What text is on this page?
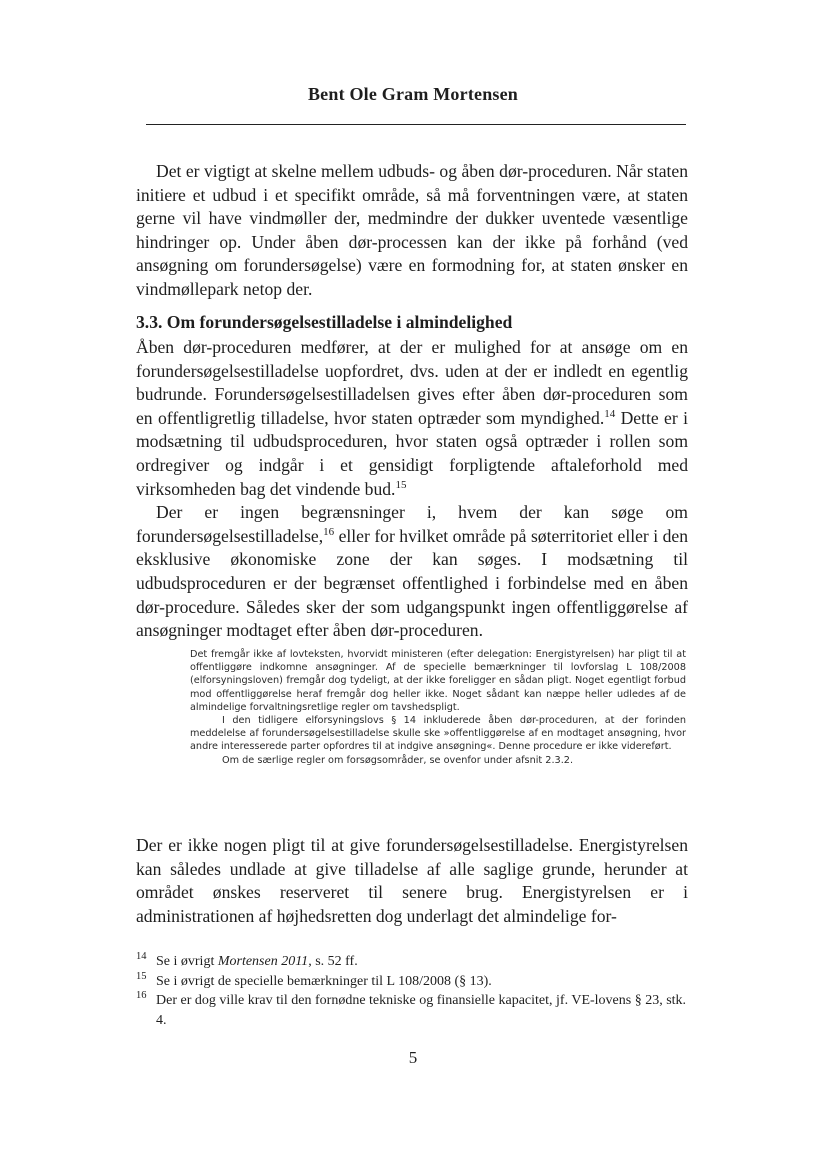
Bent Ole Gram Mortensen

Det er vigtigt at skelne mellem udbuds- og åben dør-proceduren. Når staten initiere et udbud i et specifikt område, så må forventningen være, at staten gerne vil have vindmøller der, medmindre der dukker uventede væsentlige hindringer op. Under åben dør-processen kan der ikke på forhånd (ved ansøgning om forundersøgelse) være en formodning for, at staten ønsker en vindmøllepark netop der.

3.3. Om forundersøgelsestilladelse i almindelighed

Åben dør-proceduren medfører, at der er mulighed for at ansøge om en forundersøgelsestilladelse uopfordret, dvs. uden at der er indledt en egentlig budrunde. Forundersøgelsestilladelsen gives efter åben dør-proceduren som en offentligretlig tilladelse, hvor staten optræder som myndighed.$^{14}$ Dette er i modsætning til udbudsproceduren, hvor staten også optræder i rollen som ordregiver og indgår i et gensidigt forpligtende aftaleforhold med virksomheden bag det vindende bud.$^{15}$

Der er ingen begrænsninger i, hvem der kan søge om forundersøgelsestilladelse,$^{16}$ eller for hvilket område på søterritoriet eller i den eksklusive økonomiske zone der kan søges. I modsætning til udbudsproceduren er der begrænset offentlighed i forbindelse med en åben dør-procedure. Således sker der som udgangspunkt ingen offentliggørelse af ansøgninger modtaget efter åben dør-proceduren.

Det fremgår ikke af lovteksten, hvorvidt ministeren (efter delegation: Energistyrelsen) har pligt til at offentliggøre indkomne ansøgninger. Af de specielle bemærkninger til lovforslag L 108/2008 (elforsyningsloven) fremgår dog tydeligt, at der ikke foreligger en sådan pligt. Noget egentligt forbud mod offentliggørelse heraf fremgår dog heller ikke. Noget sådant kan næppe heller udledes af de almindelige forvaltningsretlige regler om tavshedspligt.

I den tidligere elforsyningslovs § 14 inkluderede åben dør-proceduren, at der forinden meddelelse af forundersøgelsestilladelse skulle ske »offentliggørelse af en modtaget ansøgning, hvor andre interesserede parter opfordres til at indgive ansøgning«. Denne procedure er ikke videreført.

Om de særlige regler om forsøgsområder, se ovenfor under afsnit 2.3.2.

Der er ikke nogen pligt til at give forundersøgelsestilladelse. Energistyrelsen kan således undlade at give tilladelse af alle saglige grunde, herunder at området ønskes reserveret til senere brug. Energistyrelsen er i administrationen af højhedsretten dog underlagt det almindelige for-

14 Se i øvrigt Mortensen 2011, s. 52 ff.
15 Se i øvrigt de specielle bemærkninger til L 108/2008 (§ 13).
16 Der er dog ville krav til den fornødne tekniske og finansielle kapacitet, jf. VE-lovens § 23, stk. 4.
5
